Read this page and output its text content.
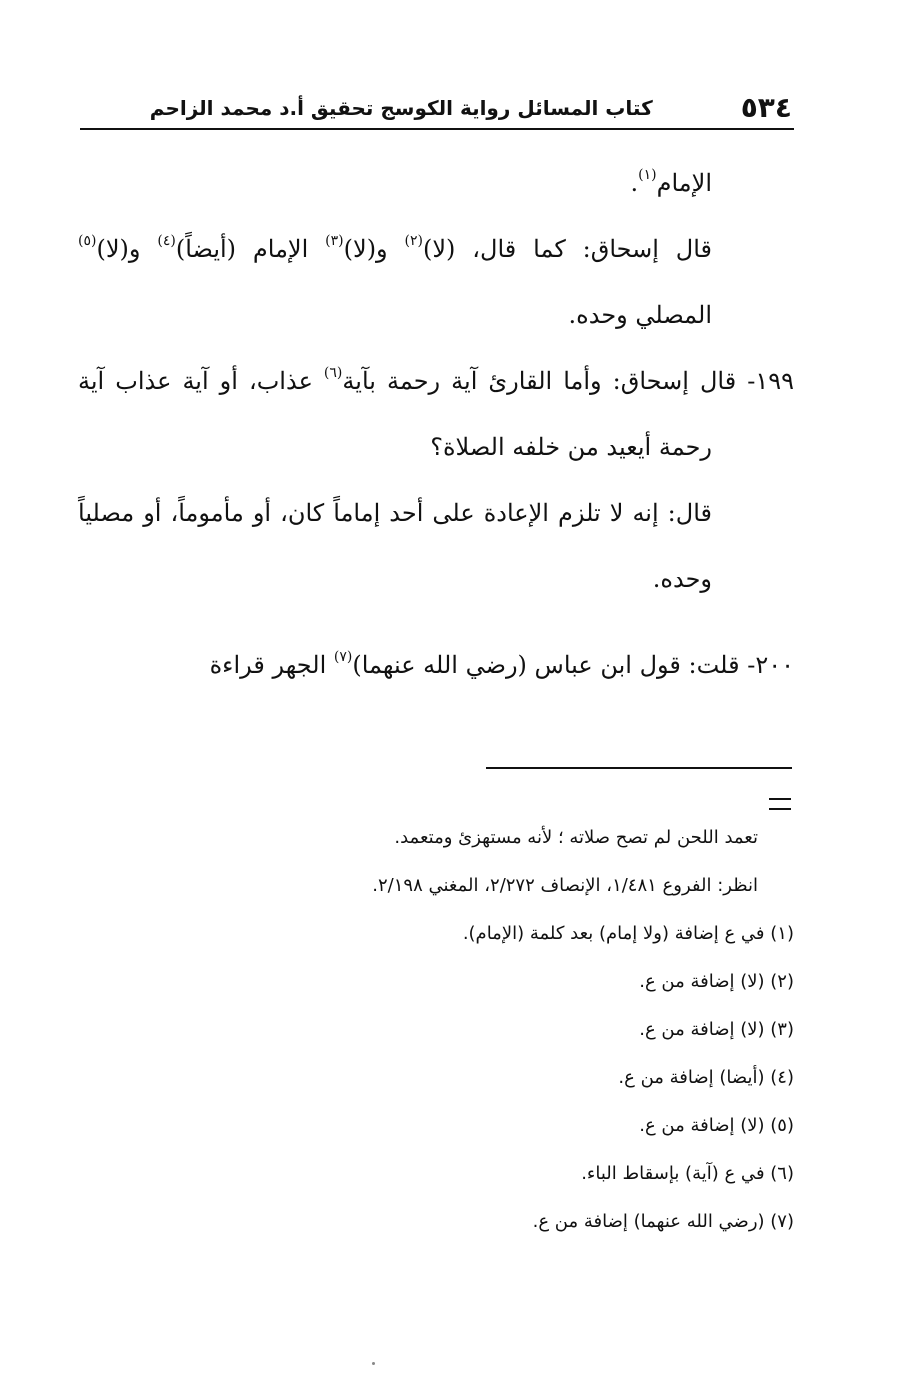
٥٣٤
كتاب المسائل رواية الكوسج تحقيق أ.د محمد الزاحم

الإمام$^{(١)}$.

قال إسحاق: كما قال، (لا)$^{(٢)}$ و(لا)$^{(٣)}$ الإمام (أيضاً)$^{(٤)}$ و(لا)$^{(٥)}$ المصلي وحده.

١٩٩- قال إسحاق: وأما القارئ آية رحمة بآية$^{(٦)}$ عذاب، أو آية عذاب آية رحمة أيعيد من خلفه الصلاة؟

قال: إنه لا تلزم الإعادة على أحد إماماً كان، أو مأموماً، أو مصلياً وحده.

٢٠٠- قلت: قول ابن عباس (رضي الله عنهما)$^{(٧)}$ الجهر قراءة

تعمد اللحن لم تصح صلاته ؛ لأنه مستهزئ ومتعمد.

انظر: الفروع ١/٤٨١، الإنصاف ٢/٢٧٢، المغني ٢/١٩٨.

(١) في ع إضافة (ولا إمام) بعد كلمة (الإمام).

(٢) (لا) إضافة من ع.

(٣) (لا) إضافة من ع.

(٤) (أيضا) إضافة من ع.

(٥) (لا) إضافة من ع.

(٦) في ع (آية) بإسقاط الباء.

(٧) (رضي الله عنهما) إضافة من ع.
